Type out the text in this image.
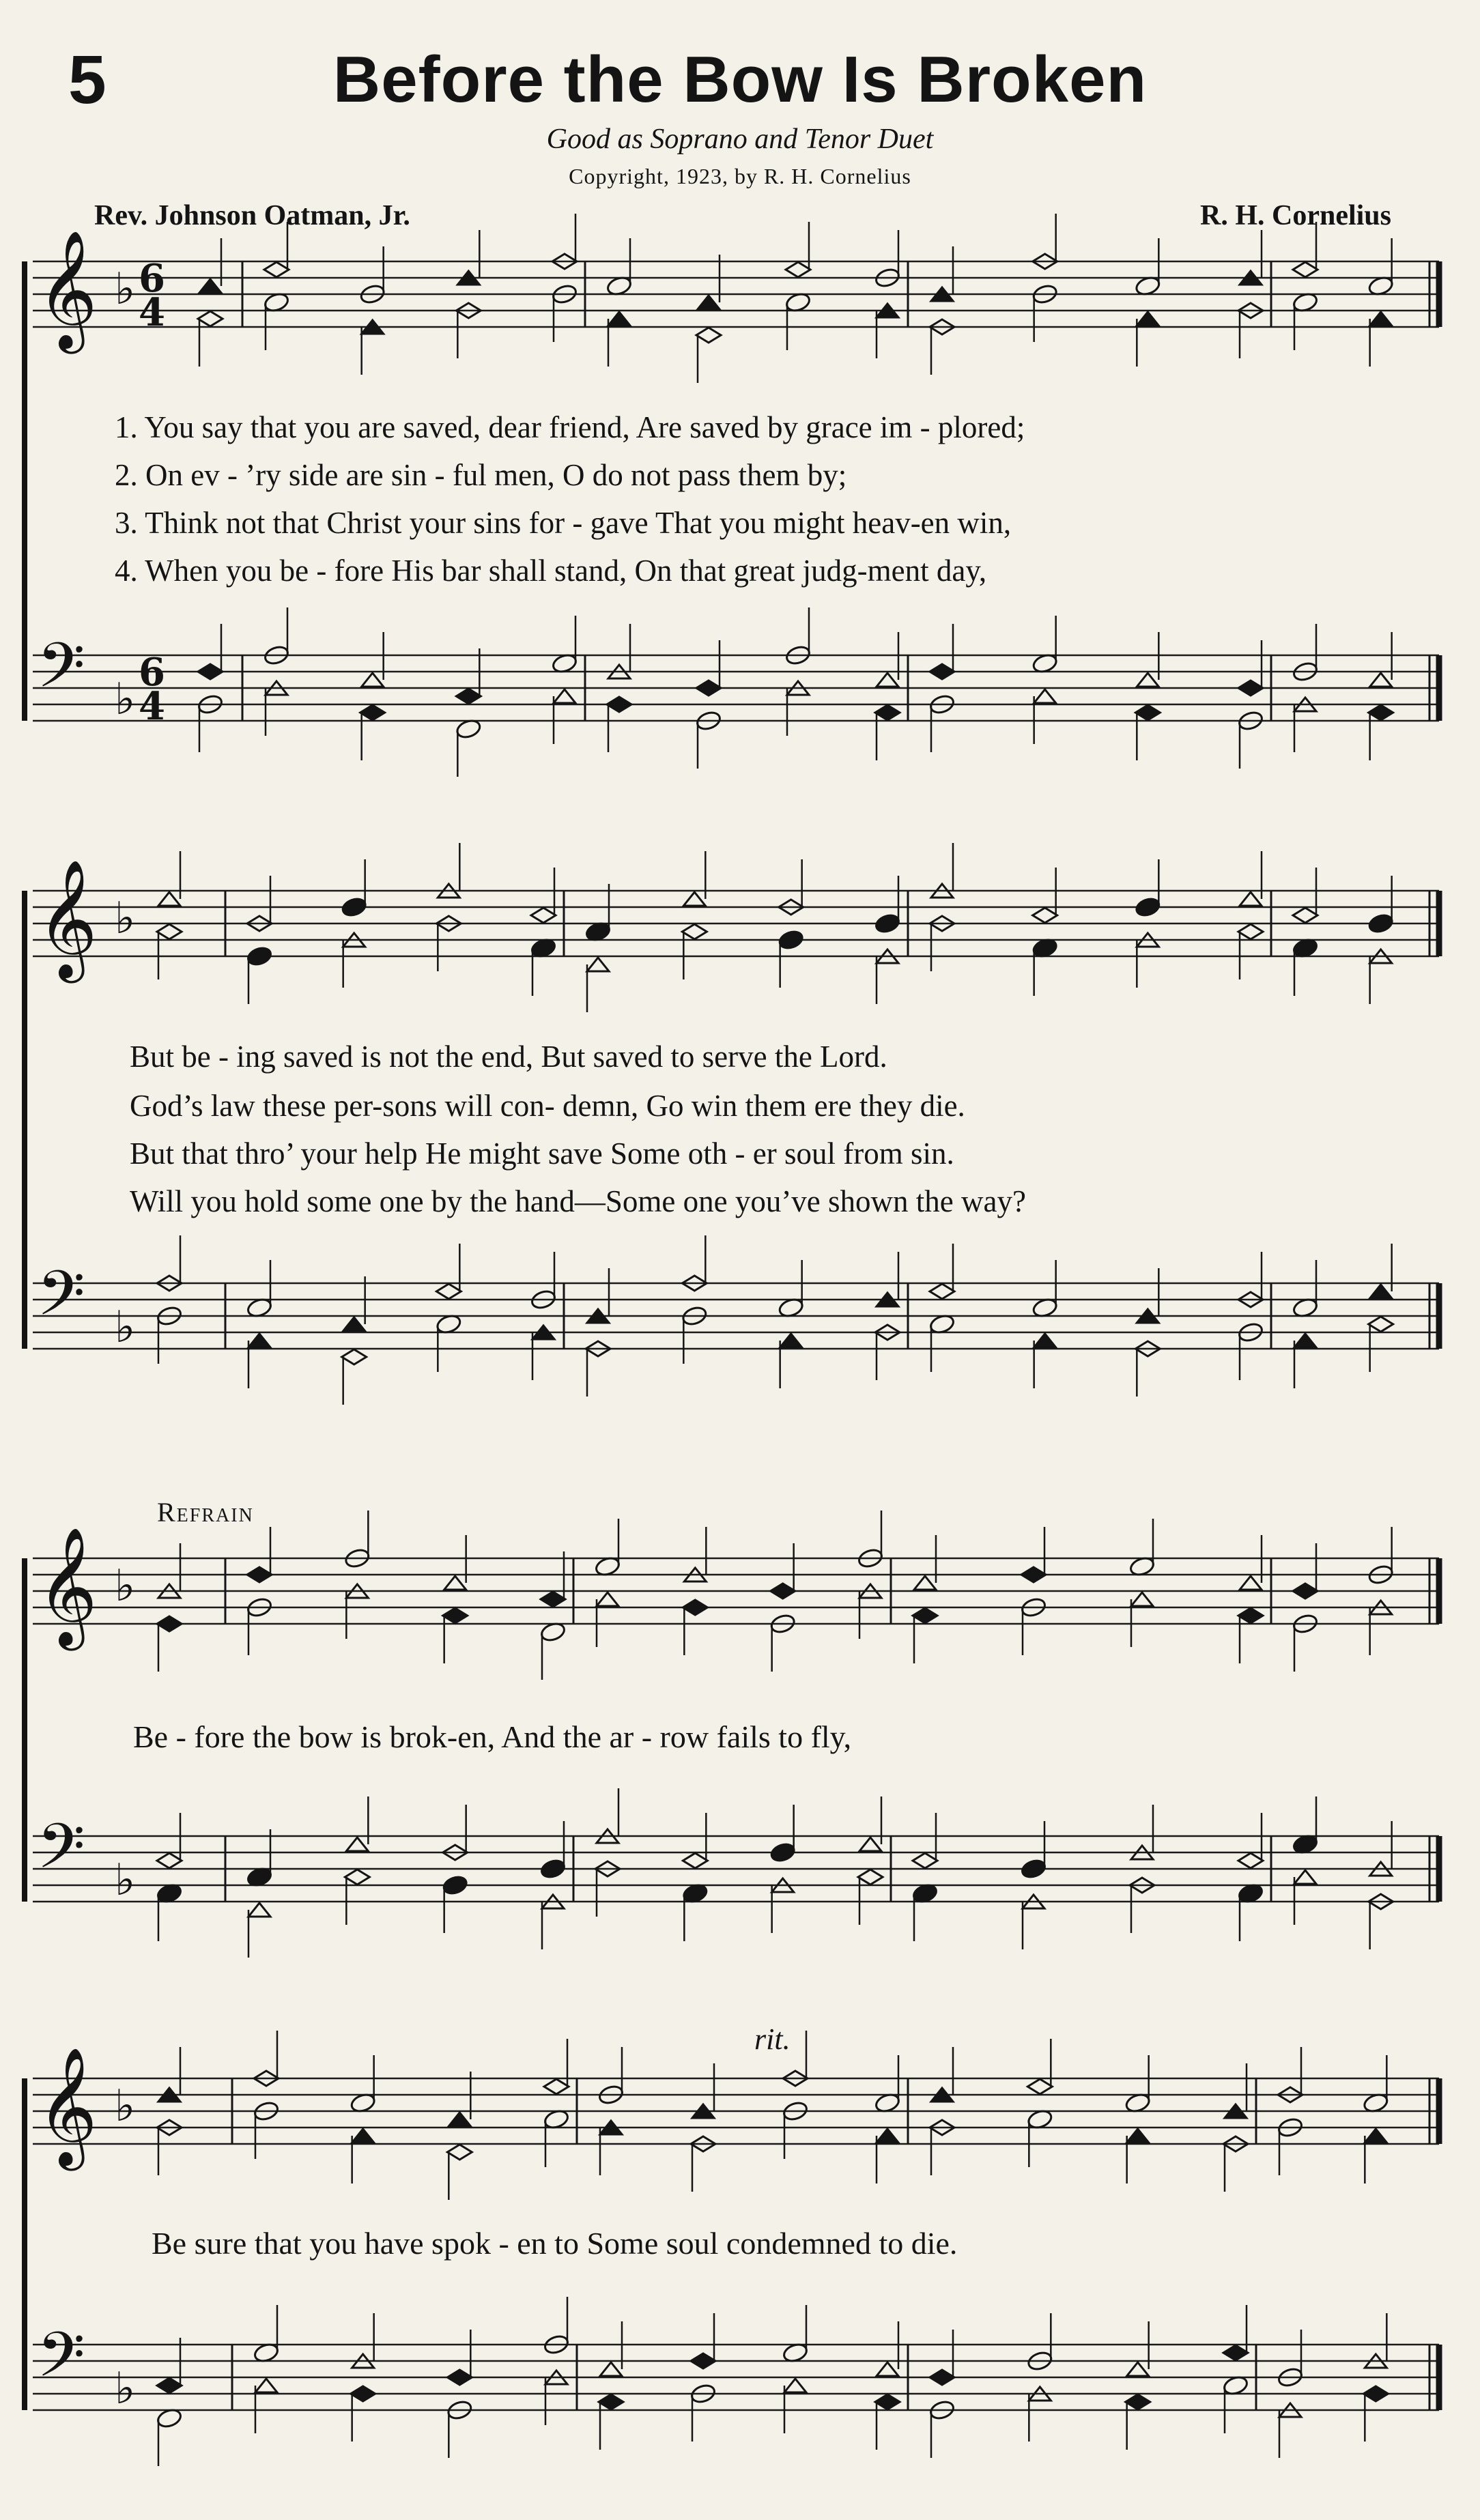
5	Before the Bow Is Broken
Good as Soprano and Tenor Duet
Copyright, 1923, by R. H. Cornelius
Rev. Johnson Oatman, Jr.	R. H. Cornelius
𝄞 ♭ 6
4
𝄢 ♭
6
4
𝄞 ♭
𝄢 ♭
𝄞 ♭
𝄢 ♭
𝄞 ♭
𝄢 ♭
1. You say that you are saved, dear friend, Are saved by grace im - plored;
2. On ev - ’ry side are sin - ful men, O do not pass them by;
3. Think not that Christ your sins for - gave That you might heav-en win,
4. When you be - fore His bar shall stand, On that great judg-ment day,
But be - ing saved is not the end, But saved to serve the Lord.
God’s law these per-sons will con- demn, Go win them ere they die.
But that thro’ your help He might save Some oth - er soul from sin.
Will you hold some one by the hand—Some one you’ve shown the way?
Refrain
Be - fore the bow is brok-en, And the ar - row fails to fly,
rit.
Be sure that you have spok - en to Some soul condemned to die.
